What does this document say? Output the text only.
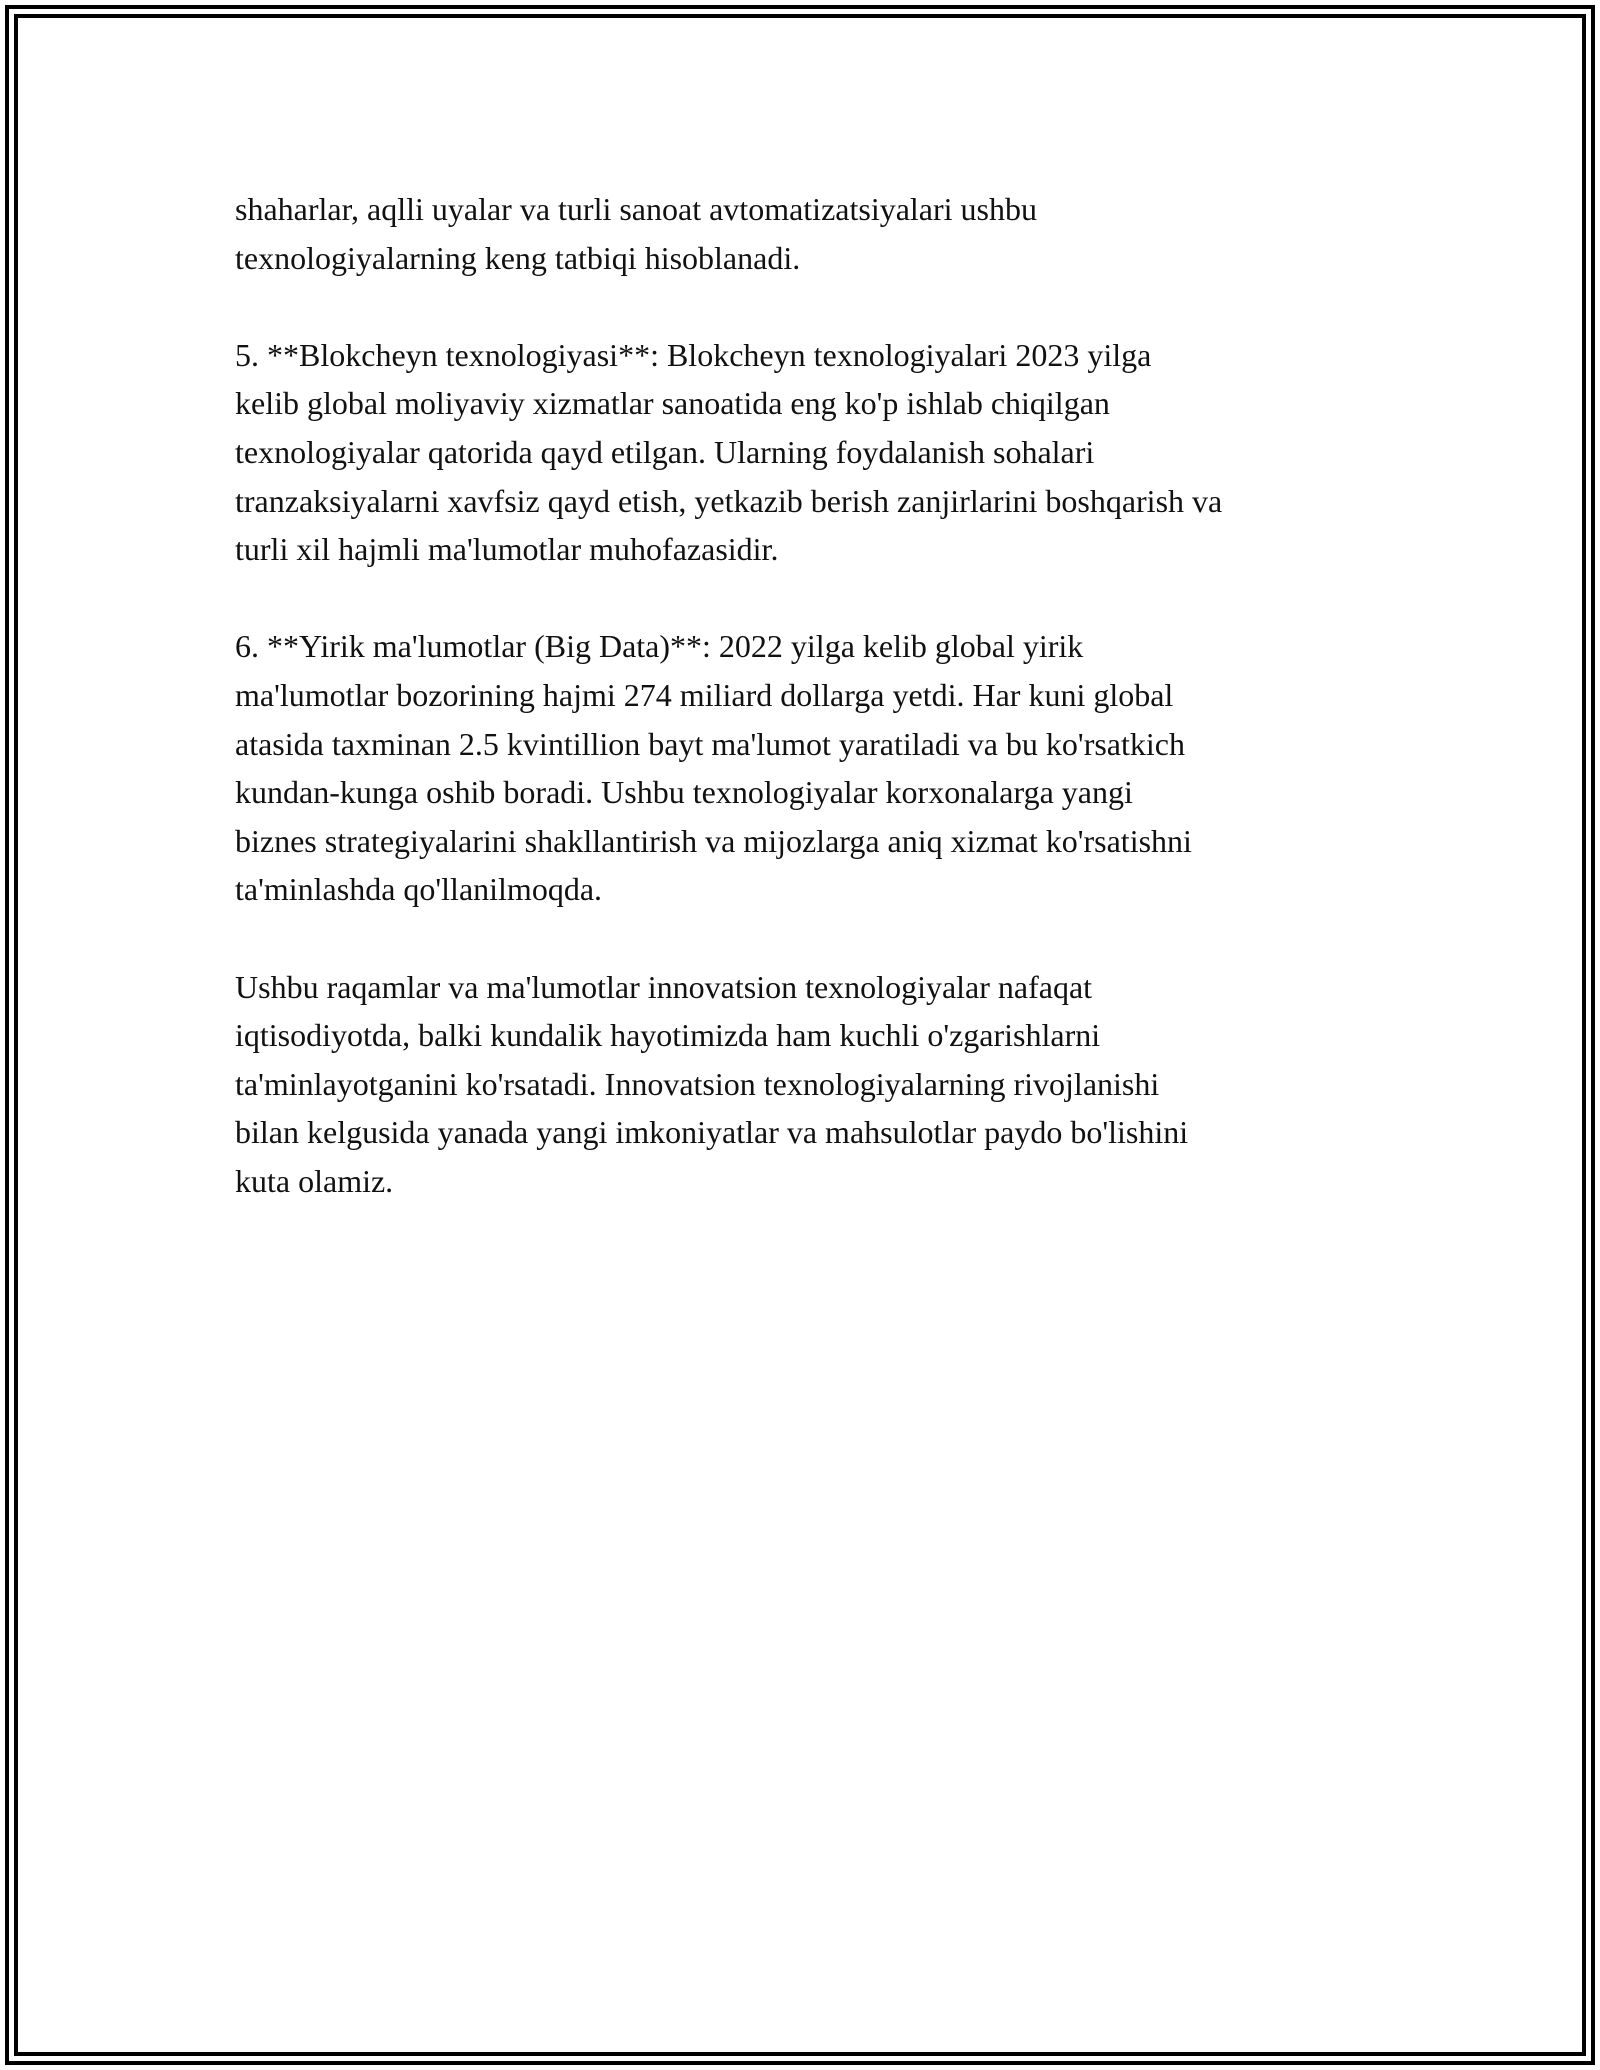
shaharlar, aqlli uyalar va turli sanoat avtomatizatsiyalari ushbu
texnologiyalarning keng tatbiqi hisoblanadi.

5. **Blokcheyn texnologiyasi**: Blokcheyn texnologiyalari 2023 yilga
kelib global moliyaviy xizmatlar sanoatida eng ko'p ishlab chiqilgan
texnologiyalar qatorida qayd etilgan. Ularning foydalanish sohalari
tranzaksiyalarni xavfsiz qayd etish, yetkazib berish zanjirlarini boshqarish va
turli xil hajmli ma'lumotlar muhofazasidir.

6. **Yirik ma'lumotlar (Big Data)**: 2022 yilga kelib global yirik
ma'lumotlar bozorining hajmi 274 miliard dollarga yetdi. Har kuni global
atasida taxminan 2.5 kvintillion bayt ma'lumot yaratiladi va bu ko'rsatkich
kundan-kunga oshib boradi. Ushbu texnologiyalar korxonalarga yangi
biznes strategiyalarini shakllantirish va mijozlarga aniq xizmat ko'rsatishni
ta'minlashda qo'llanilmoqda.

Ushbu raqamlar va ma'lumotlar innovatsion texnologiyalar nafaqat
iqtisodiyotda, balki kundalik hayotimizda ham kuchli o'zgarishlarni
ta'minlayotganini ko'rsatadi. Innovatsion texnologiyalarning rivojlanishi
bilan kelgusida yanada yangi imkoniyatlar va mahsulotlar paydo bo'lishini
kuta olamiz.
